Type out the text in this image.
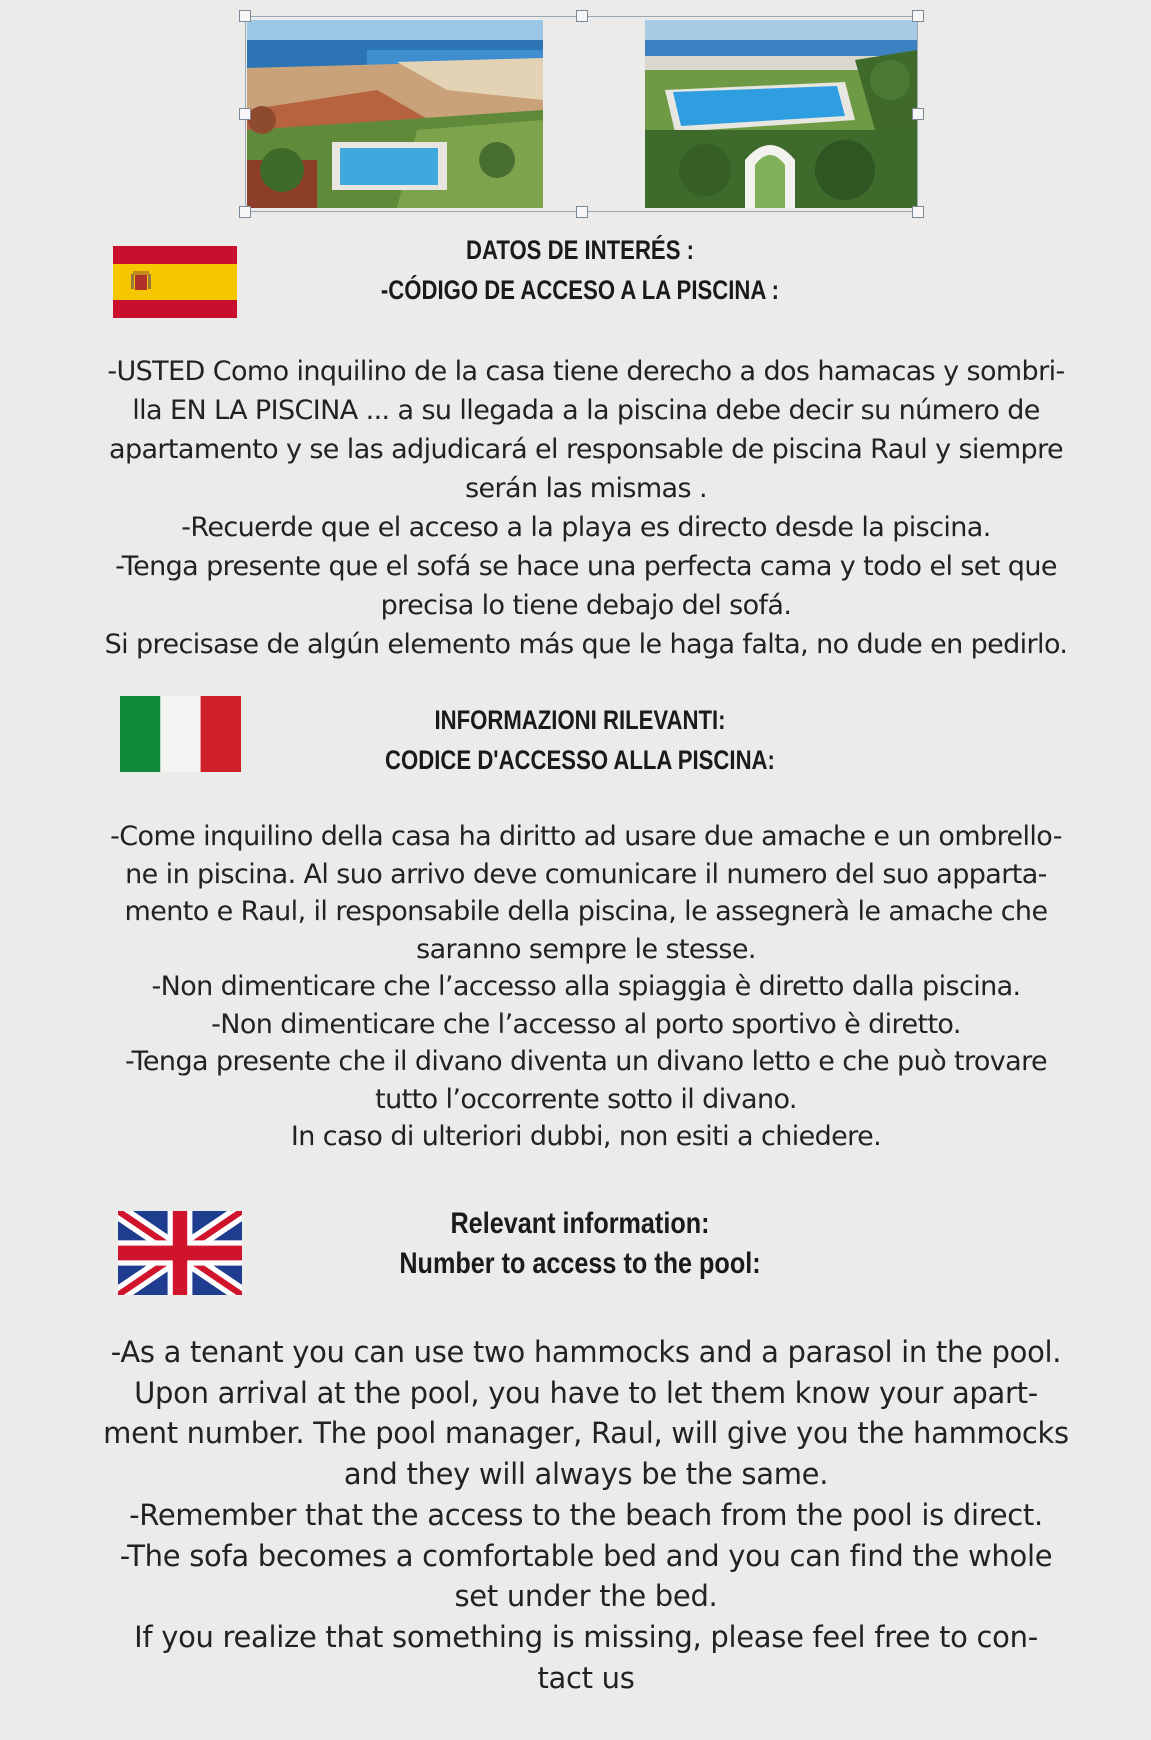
DATOS DE INTERÉS :
-CÓDIGO DE ACCESO A LA PISCINA :
-USTED Como inquilino de la casa tiene derecho a dos hamacas y sombri-
lla EN LA PISCINA ... a su llegada a la piscina debe decir su número de
apartamento y se las adjudicará el responsable de piscina Raul y siempre
serán las mismas .
-Recuerde que el acceso a la playa es directo desde la piscina.
-Tenga presente que el sofá se hace una perfecta cama y todo el set que
precisa lo tiene debajo del sofá.
Si precisase de algún elemento más que le haga falta, no dude en pedirlo.
INFORMAZIONI RILEVANTI:
CODICE D'ACCESSO ALLA PISCINA:
-Come inquilino della casa ha diritto ad usare due amache e un ombrello-
ne in piscina. Al suo arrivo deve comunicare il numero del suo apparta-
mento e Raul, il responsabile della piscina, le assegnerà le amache che
saranno sempre le stesse.
-Non dimenticare che l’accesso alla spiaggia è diretto dalla piscina.
-Non dimenticare che l’accesso al porto sportivo è diretto.
-Tenga presente che il divano diventa un divano letto e che può trovare
tutto l’occorrente sotto il divano.
In caso di ulteriori dubbi, non esiti a chiedere.
Relevant information:
Number to access to the pool:
-As a tenant you can use two hammocks and a parasol in the pool.
Upon arrival at the pool, you have to let them know your apart-
ment number. The pool manager, Raul, will give you the hammocks
and they will always be the same.
-Remember that the access to the beach from the pool is direct.
-The sofa becomes a comfortable bed and you can find the whole
set under the bed.
If you realize that something is missing, please feel free to con-
tact us
